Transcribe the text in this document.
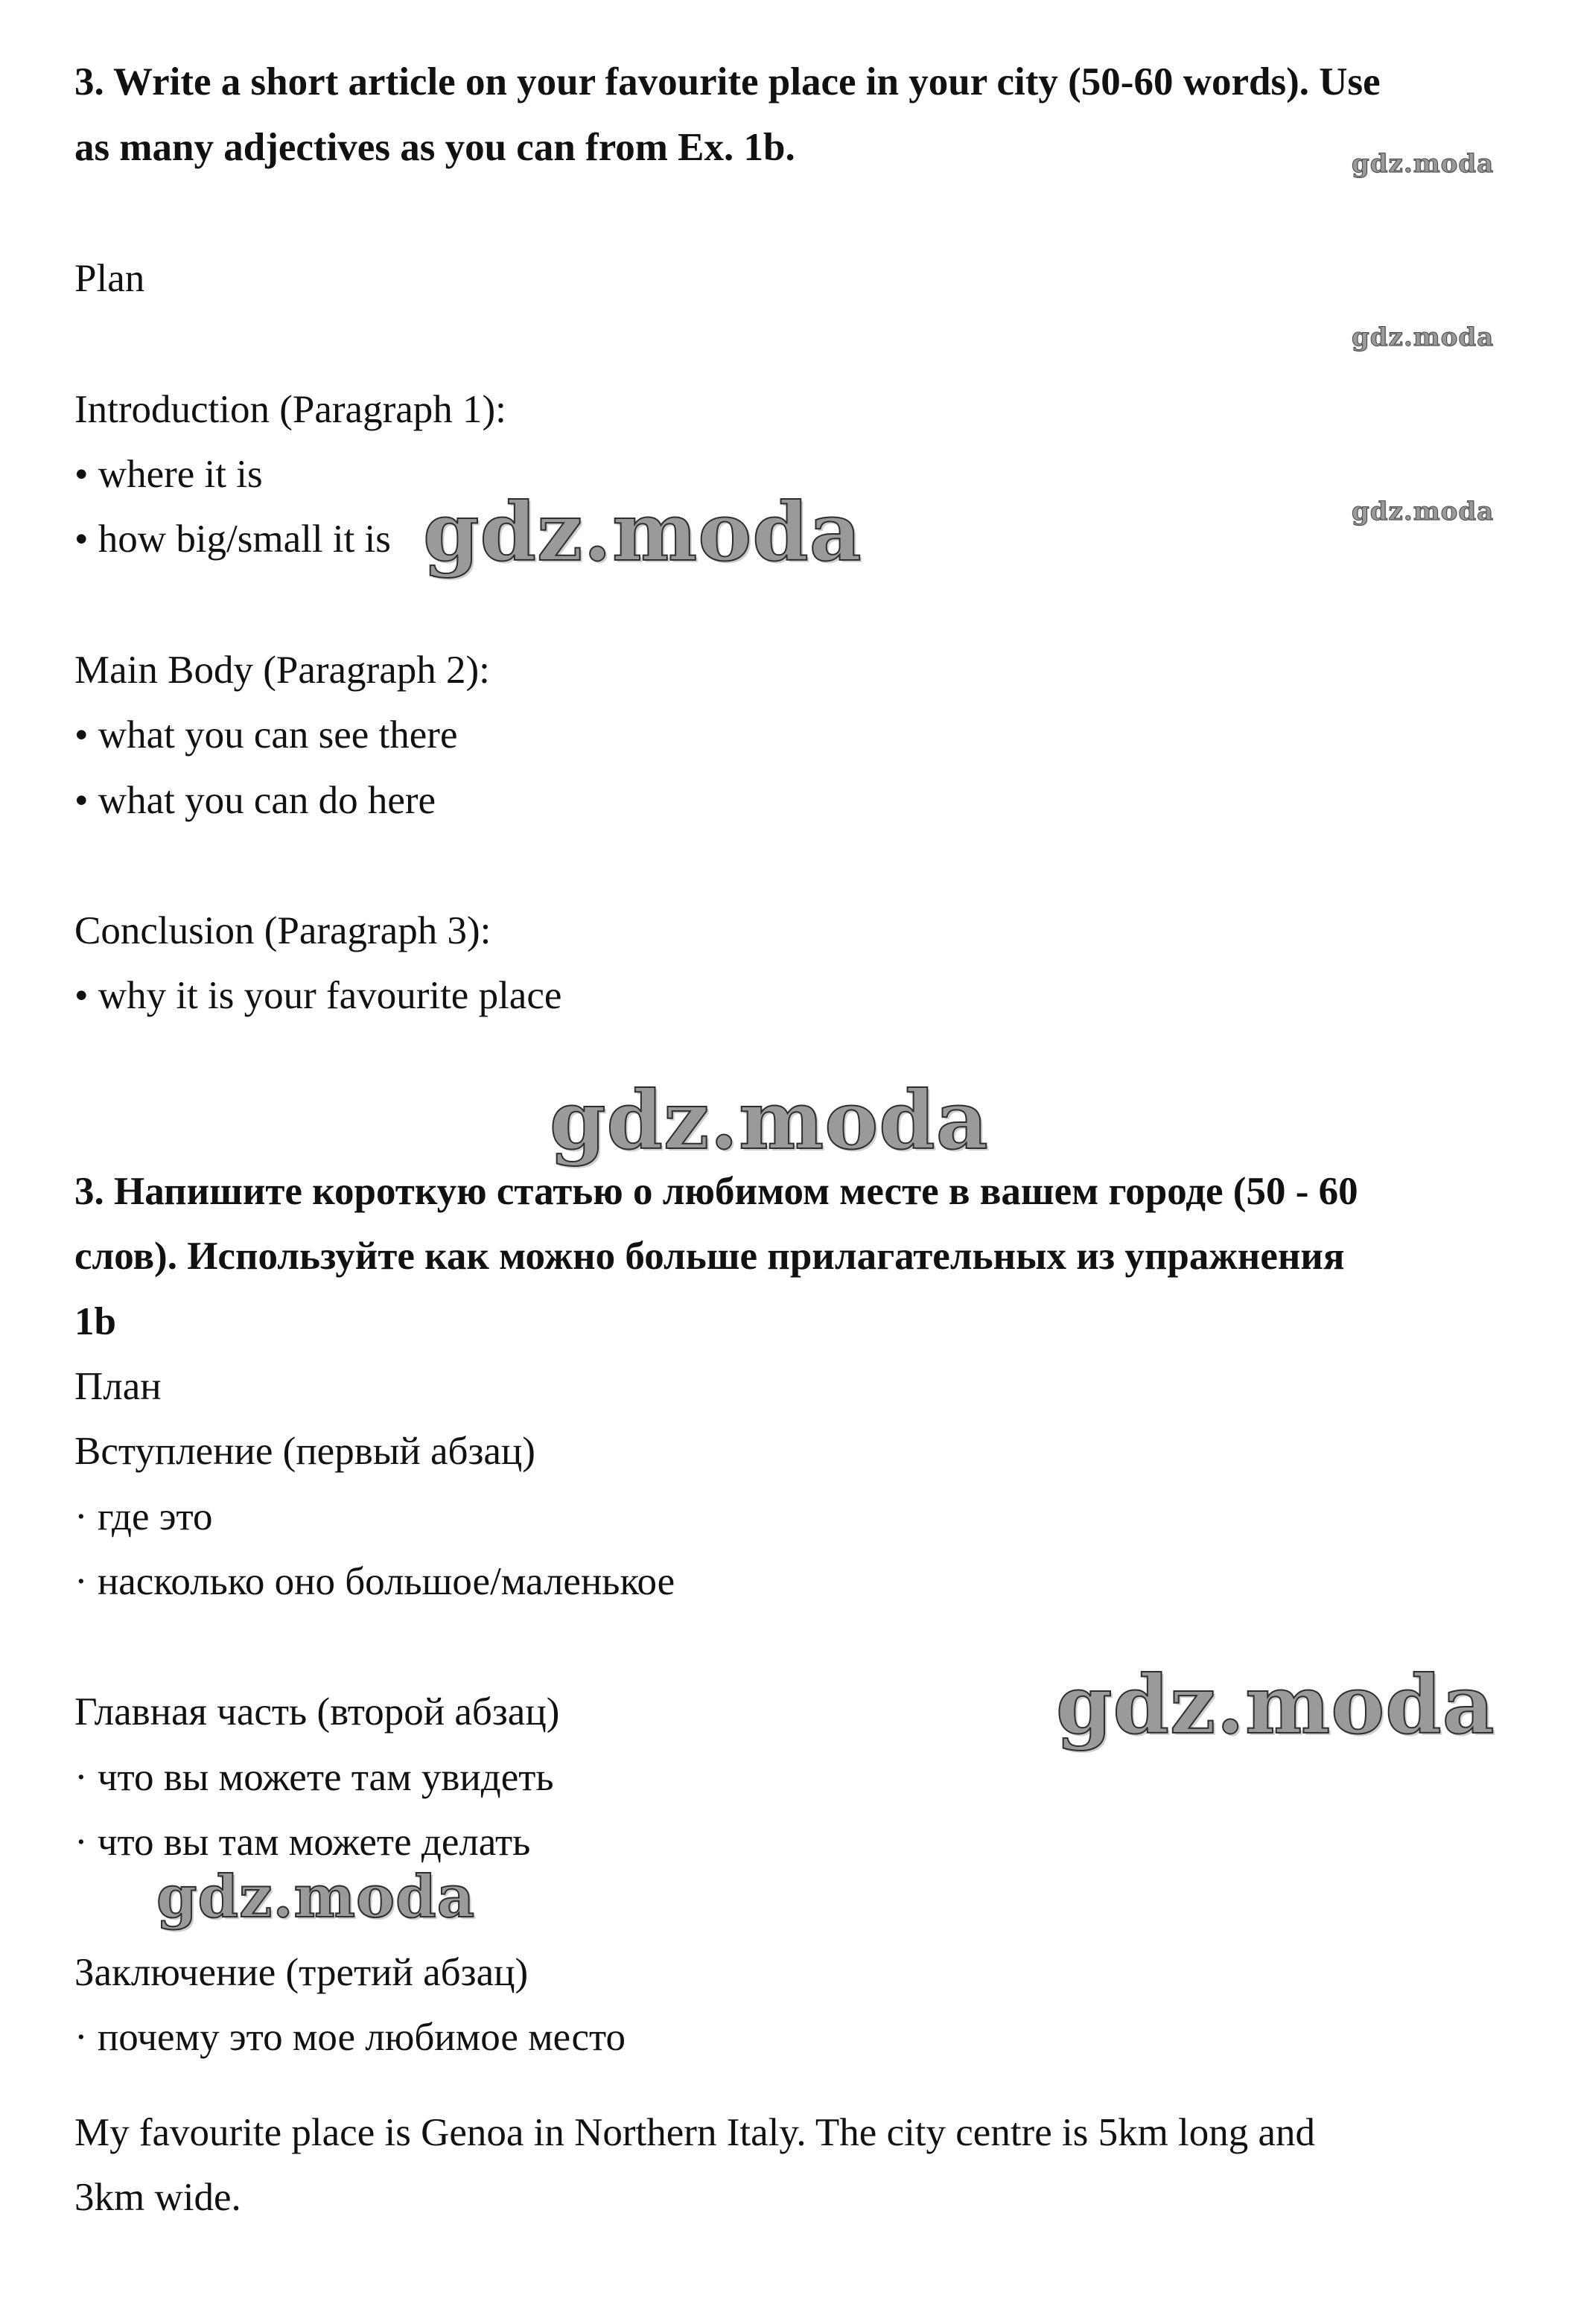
3. Write a short article on your favourite place in your city (50-60 words). Use
as many adjectives as you can from Ex. 1b.
Plan
Introduction (Paragraph 1):
• where it is
• how big/small it is
Main Body (Paragraph 2):
• what you can see there
• what you can do here
Conclusion (Paragraph 3):
• why it is your favourite place
3. Напишите короткую статью о любимом месте в вашем городе (50 - 60
слов). Используйте как можно больше прилагательных из упражнения
1b
План
Вступление (первый абзац)
· где это
· насколько оно большое/маленькое
Главная часть (второй абзац)
· что вы можете там увидеть
· что вы там можете делать
Заключение (третий абзац)
· почему это мое любимое место
My favourite place is Genoa in Northern Italy. The city centre is 5km long and
3km wide.
gdz.moda
gdz.moda
gdz.moda
gdz.moda
gdz.moda
gdz.moda
gdz.moda
